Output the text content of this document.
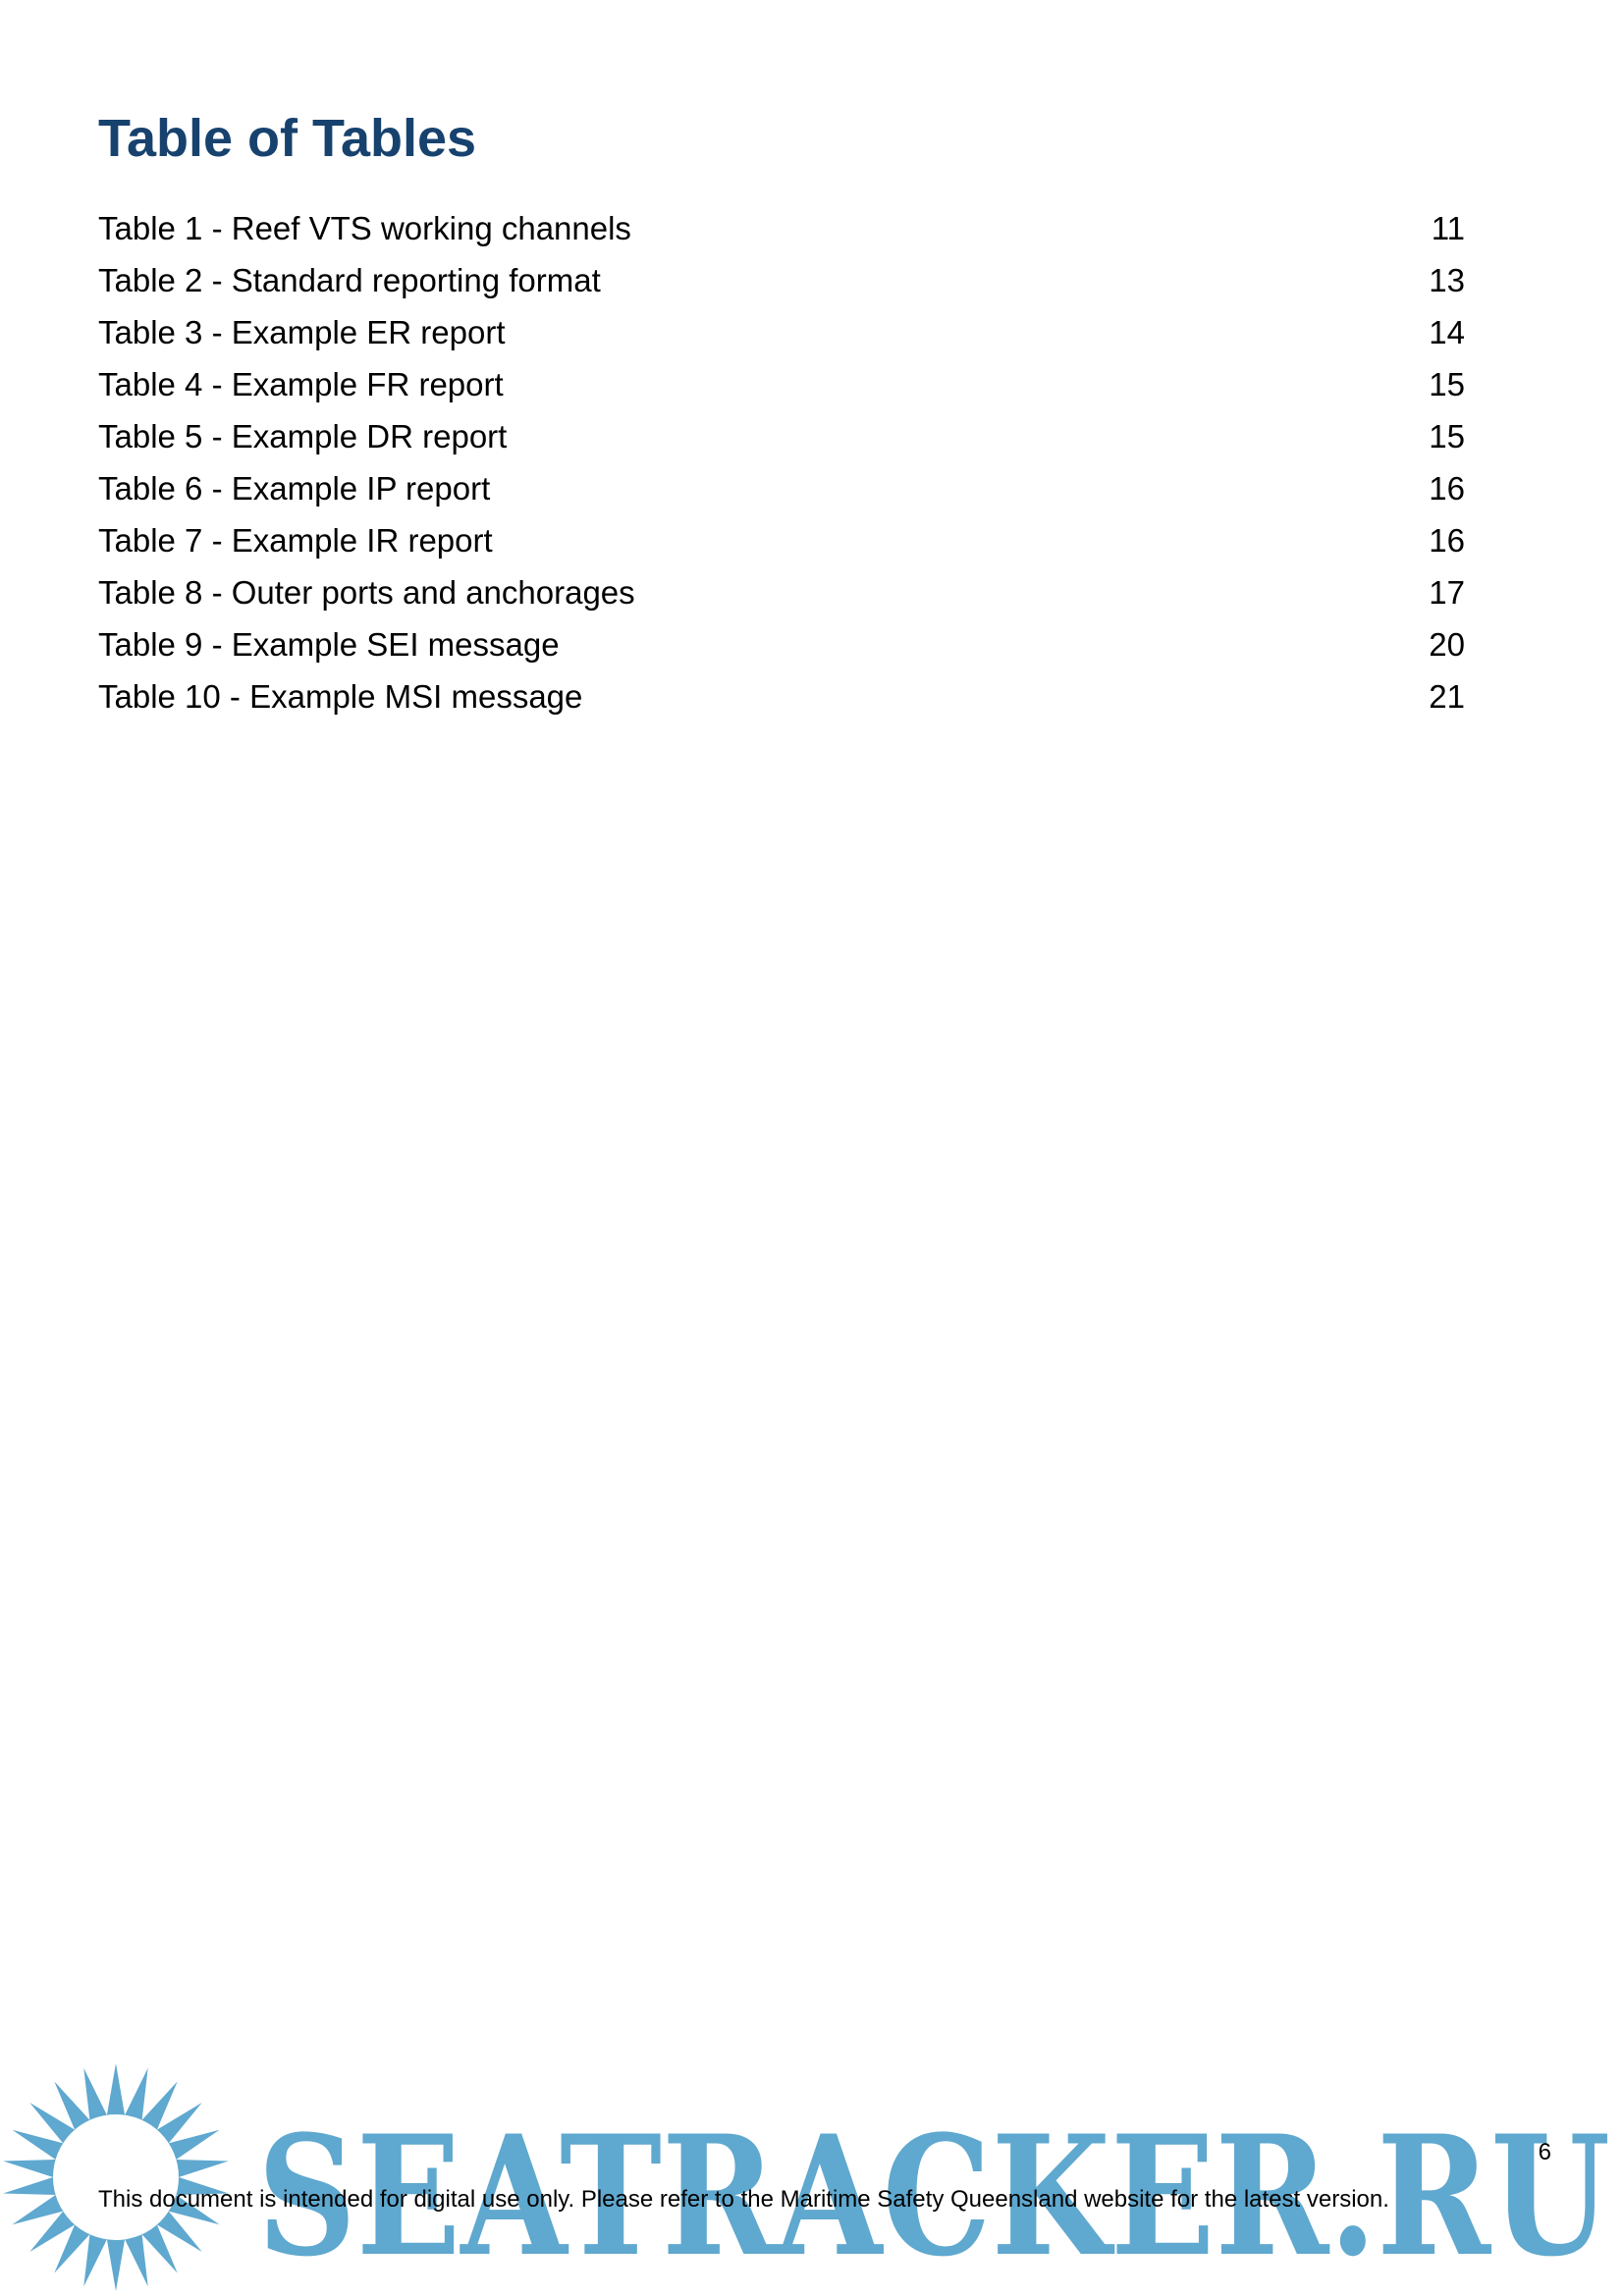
Table of Tables
Table 1 - Reef VTS working channels	11
Table 2 - Standard reporting format	13
Table 3 - Example ER report	14
Table 4 - Example FR report	15
Table 5 - Example DR report	15
Table 6 - Example IP report	16
Table 7 - Example IR report	16
Table 8 - Outer ports and anchorages	17
Table 9 - Example SEI message	20
Table 10 - Example MSI message	21
SEATRACKER.RU
6
This document is intended for digital use only. Please refer to the Maritime Safety Queensland website for the latest version.
